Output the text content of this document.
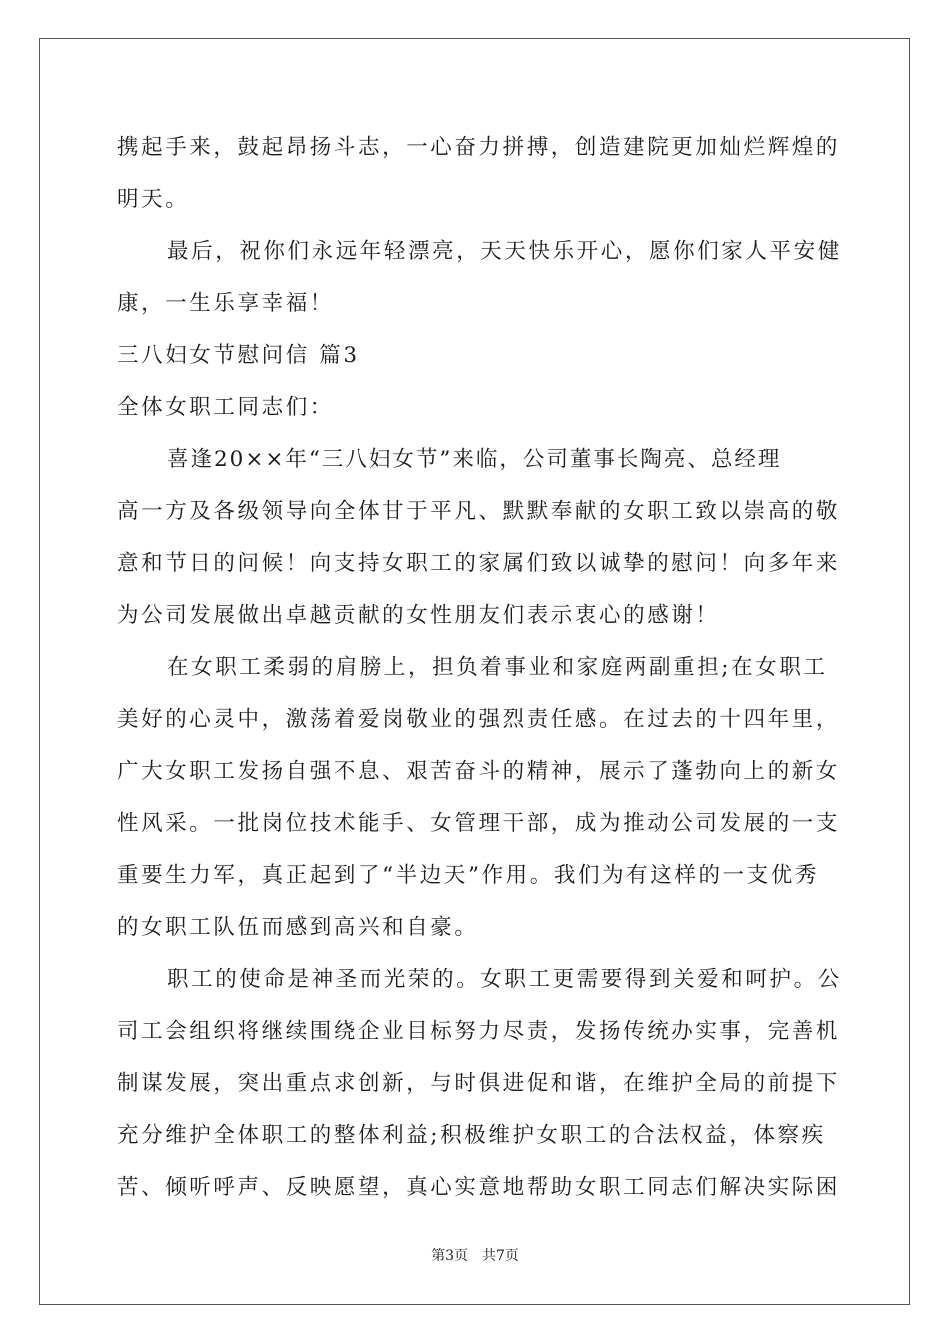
携起手来，鼓起昂扬斗志，一心奋力拼搏，创造建院更加灿烂辉煌的
明天。
最后，祝你们永远年轻漂亮，天天快乐开心，愿你们家人平安健
康，一生乐享幸福！
三八妇女节慰问信 篇3
全体女职工同志们：
喜逢20××年“三八妇女节”来临，公司董事长陶亮、总经理
高一方及各级领导向全体甘于平凡、默默奉献的女职工致以崇高的敬
意和节日的问候！向支持女职工的家属们致以诚挚的慰问！向多年来
为公司发展做出卓越贡献的女性朋友们表示衷心的感谢！
在女职工柔弱的肩膀上，担负着事业和家庭两副重担;在女职工
美好的心灵中，激荡着爱岗敬业的强烈责任感。在过去的十四年里，
广大女职工发扬自强不息、艰苦奋斗的精神，展示了蓬勃向上的新女
性风采。一批岗位技术能手、女管理干部，成为推动公司发展的一支
重要生力军，真正起到了“半边天”作用。我们为有这样的一支优秀
的女职工队伍而感到高兴和自豪。
职工的使命是神圣而光荣的。女职工更需要得到关爱和呵护。公
司工会组织将继续围绕企业目标努力尽责，发扬传统办实事，完善机
制谋发展，突出重点求创新，与时俱进促和谐，在维护全局的前提下
充分维护全体职工的整体利益;积极维护女职工的合法权益，体察疾
苦、倾听呼声、反映愿望，真心实意地帮助女职工同志们解决实际困
第3页 共7页
